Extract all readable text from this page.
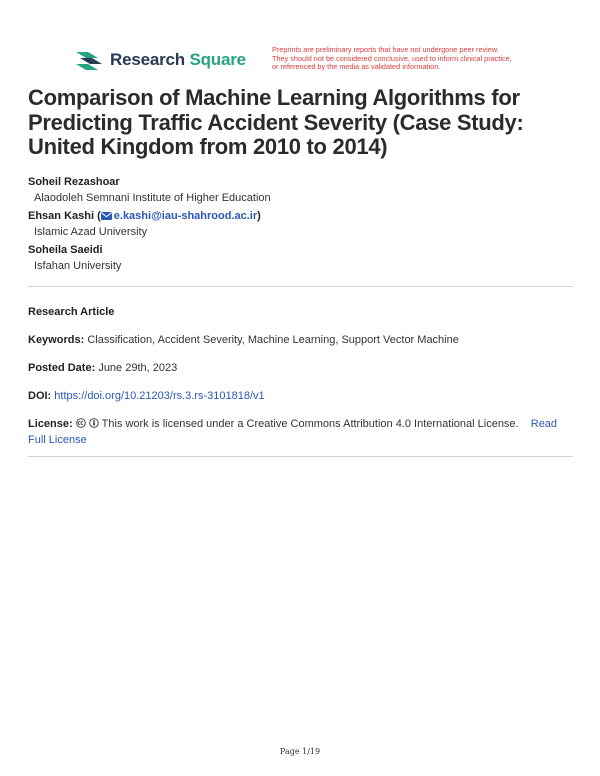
Research Square
Preprints are preliminary reports that have not undergone peer review.
They should not be considered conclusive, used to inform clinical practice,
or referenced by the media as validated information.
Comparison of Machine Learning Algorithms for Predicting Traffic Accident Severity (Case Study: United Kingdom from 2010 to 2014)
Soheil Rezashoar
Alaodoleh Semnani Institute of Higher Education
Ehsan Kashi ( e.kashi@iau-shahrood.ac.ir)
Islamic Azad University
Soheila Saeidi
Isfahan University
Research Article
Keywords: Classification, Accident Severity, Machine Learning, Support Vector Machine
Posted Date: June 29th, 2023
DOI: https://doi.org/10.21203/rs.3.rs-3101818/v1
License:	This work is licensed under a Creative Commons Attribution 4.0 International License. Read
Full License
Page 1/19
